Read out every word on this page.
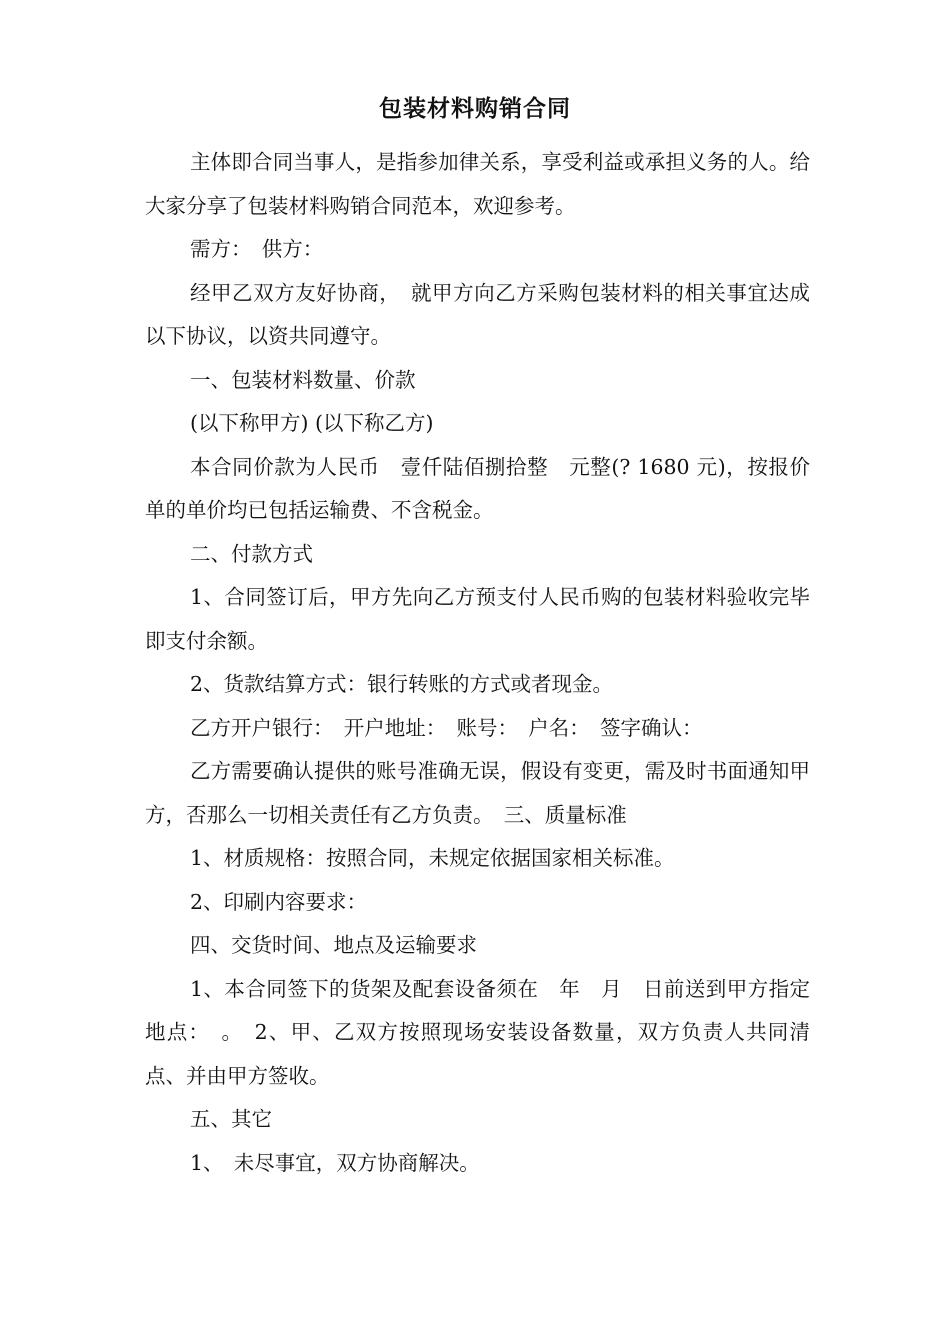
包装材料购销合同

主体即合同当事人，是指参加律关系，享受利益或承担义务的人。给大家分享了包装材料购销合同范本，欢迎参考。

需方：　供方：

经甲乙双方友好协商，　就甲方向乙方采购包装材料的相关事宜达成以下协议，以资共同遵守。

一、包装材料数量、价款

(以下称甲方) (以下称乙方)

本合同价款为人民币　壹仟陆佰捌拾整　元整(? 1680 元)，按报价单的单价均已包括运输费、不含税金。

二、付款方式

1、合同签订后，甲方先向乙方预支付人民币购的包装材料验收完毕即支付余额。

2、货款结算方式：银行转账的方式或者现金。

乙方开户银行：　开户地址：　账号：　户名：　签字确认：

乙方需要确认提供的账号准确无误，假设有变更，需及时书面通知甲方，否那么一切相关责任有乙方负责。　三、质量标准

1、材质规格：按照合同，未规定依据国家相关标准。

2、印刷内容要求：

四、交货时间、地点及运输要求

1、本合同签下的货架及配套设备须在　年　月　日前送到甲方指定地点：　。　2、甲、乙双方按照现场安装设备数量，双方负责人共同清点、并由甲方签收。

五、其它

1、　未尽事宜，双方协商解决。
